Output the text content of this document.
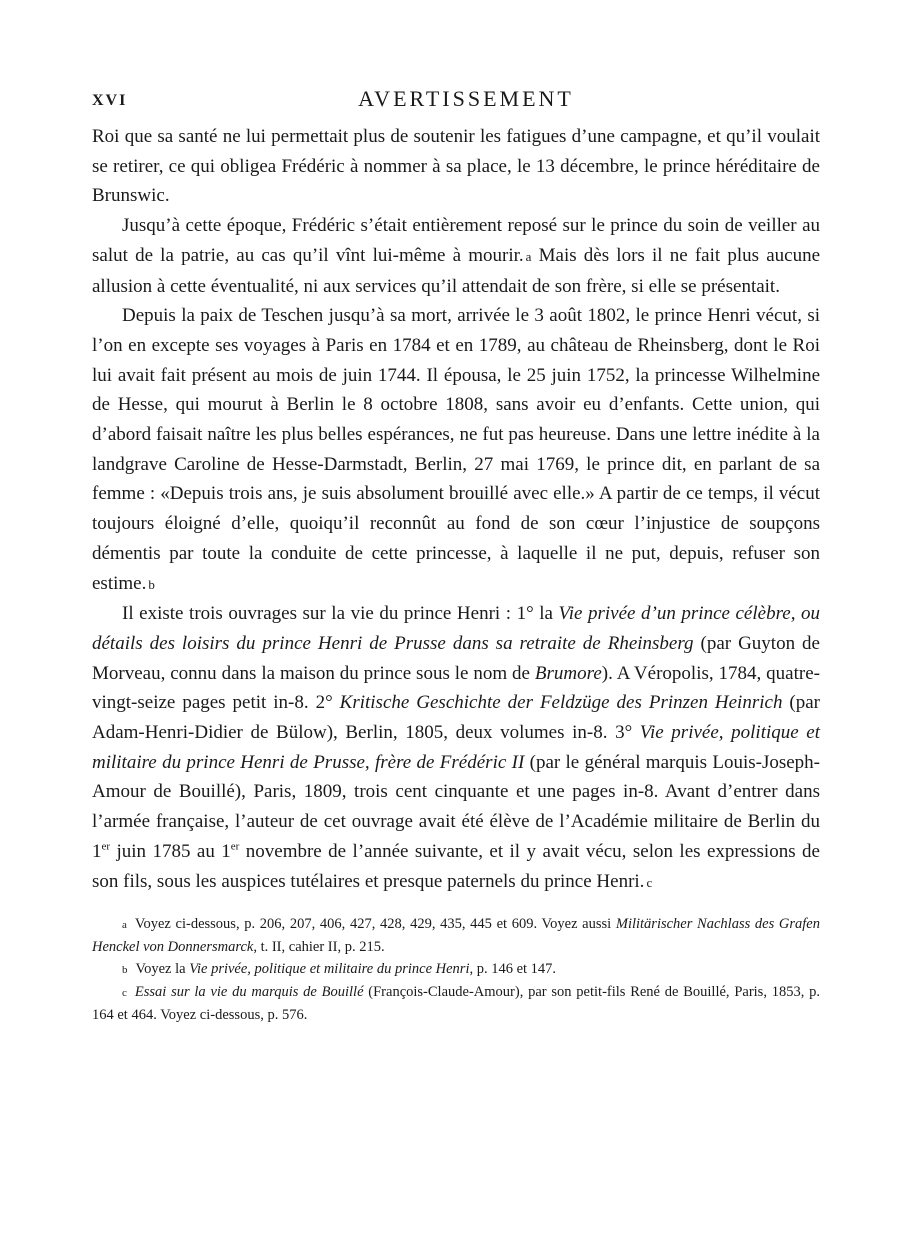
XVI	AVERTISSEMENT

Roi que sa santé ne lui permettait plus de soutenir les fatigues d’une campagne, et qu’il voulait se retirer, ce qui obligea Frédéric à nommer à sa place, le 13 décembre, le prince héréditaire de Brunswic.

Jusqu’à cette époque, Frédéric s’était entièrement reposé sur le prince du soin de veiller au salut de la patrie, au cas qu’il vînt lui-même à mourir. a Mais dès lors il ne fait plus aucune allusion à cette éventualité, ni aux services qu’il attendait de son frère, si elle se présentait.

Depuis la paix de Teschen jusqu’à sa mort, arrivée le 3 août 1802, le prince Henri vécut, si l’on en excepte ses voyages à Paris en 1784 et en 1789, au château de Rheinsberg, dont le Roi lui avait fait présent au mois de juin 1744. Il épousa, le 25 juin 1752, la princesse Wilhelmine de Hesse, qui mourut à Berlin le 8 octobre 1808, sans avoir eu d’enfants. Cette union, qui d’abord faisait naître les plus belles espérances, ne fut pas heureuse. Dans une lettre inédite à la landgrave Caroline de Hesse-Darmstadt, Berlin, 27 mai 1769, le prince dit, en parlant de sa femme : «Depuis trois ans, je suis absolument brouillé avec elle.» A partir de ce temps, il vécut toujours éloigné d’elle, quoiqu’il reconnût au fond de son cœur l’injustice de soupçons démentis par toute la conduite de cette princesse, à laquelle il ne put, depuis, refuser son estime. b

Il existe trois ouvrages sur la vie du prince Henri : 1° la Vie privée d’un prince célèbre, ou détails des loisirs du prince Henri de Prusse dans sa retraite de Rheinsberg (par Guyton de Morveau, connu dans la maison du prince sous le nom de Brumore). A Véropolis, 1784, quatre-vingt-seize pages petit in-8. 2° Kritische Geschichte der Feldzüge des Prinzen Heinrich (par Adam-Henri-Didier de Bülow), Berlin, 1805, deux volumes in-8. 3° Vie privée, politique et militaire du prince Henri de Prusse, frère de Frédéric II (par le général marquis Louis-Joseph-Amour de Bouillé), Paris, 1809, trois cent cinquante et une pages in-8. Avant d’entrer dans l’armée française, l’auteur de cet ouvrage avait été élève de l’Académie militaire de Berlin du 1er juin 1785 au 1er novembre de l’année suivante, et il y avait vécu, selon les expressions de son fils, sous les auspices tutélaires et presque paternels du prince Henri. c

a Voyez ci-dessous, p. 206, 207, 406, 427, 428, 429, 435, 445 et 609. Voyez aussi Militärischer Nachlass des Grafen Henckel von Donnersmarck, t. II, cahier II, p. 215.

b Voyez la Vie privée, politique et militaire du prince Henri, p. 146 et 147.

c Essai sur la vie du marquis de Bouillé (François-Claude-Amour), par son petit-fils René de Bouillé, Paris, 1853, p. 164 et 464. Voyez ci-dessous, p. 576.
